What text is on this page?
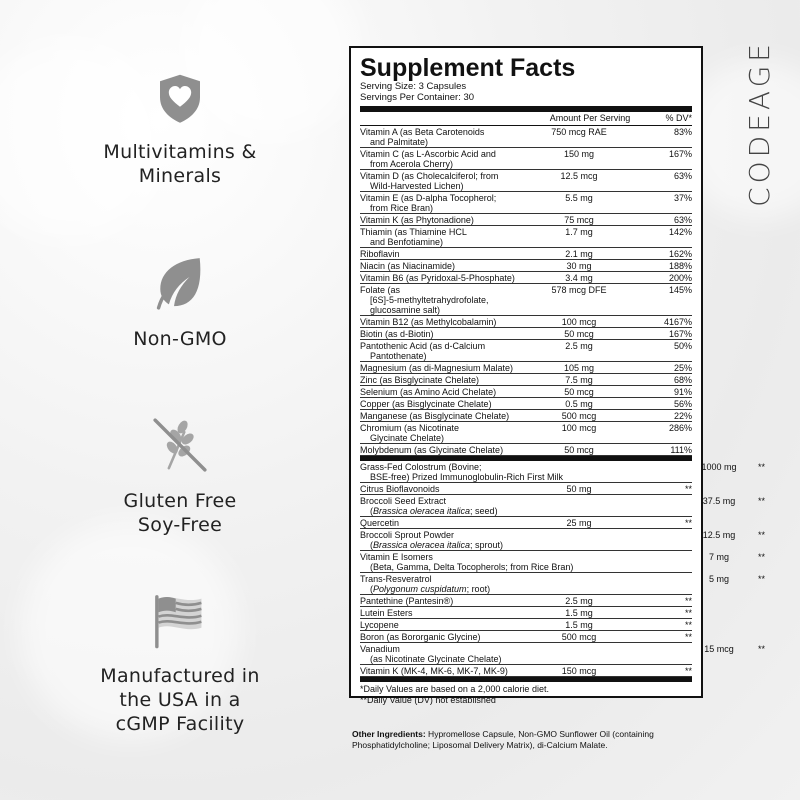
CODEAGE
Multivitamins &
Minerals
Non-GMO
Gluten Free
Soy-Free
Manufactured in
the USA in a
cGMP Facility
Supplement Facts
Serving Size: 3 Capsules
Servings Per Container: 30
Amount Per Serving	% DV*
Vitamin A (as Beta Carotenoids
and Palmitate)
750 mcg RAE	83%
Vitamin C (as L-Ascorbic Acid and
from Acerola Cherry)
150 mg	167%
Vitamin D (as Cholecalciferol; from
Wild-Harvested Lichen)
12.5 mcg	63%
Vitamin E (as D-alpha Tocopherol;
from Rice Bran)
5.5 mg	37%
Vitamin K (as Phytonadione)	75 mcg	63%
Thiamin (as Thiamine HCL
and Benfotiamine)
1.7 mg	142%
Riboflavin	2.1 mg	162%
Niacin (as Niacinamide)	30 mg	188%
Vitamin B6 (as Pyridoxal-5-Phosphate)	3.4 mg	200%
Folate (as
[6S]-5-methyltetrahydrofolate,
glucosamine salt)
578 mcg DFE	145%
Vitamin B12 (as Methylcobalamin)	100 mcg	4167%
Biotin (as d-Biotin)	50 mcg	167%
Pantothenic Acid (as d-Calcium
Pantothenate)
2.5 mg	50%
Magnesium (as di-Magnesium Malate)	105 mg	25%
Zinc (as Bisglycinate Chelate)	7.5 mg	68%
Selenium (as Amino Acid Chelate)	50 mcg	91%
Copper (as Bisglycinate Chelate)	0.5 mg	56%
Manganese (as Bisglycinate Chelate)	500 mcg	22%
Chromium (as Nicotinate
Glycinate Chelate)
100 mcg	286%
Molybdenum (as Glycinate Chelate)	50 mcg	111%
Grass-Fed Colostrum (Bovine;
BSE-free) Prized Immunoglobulin-Rich First Milk
1000 mg	**
Citrus Bioflavonoids	50 mg	**
Broccoli Seed Extract
(Brassica oleracea italica; seed)
37.5 mg	**
Quercetin	25 mg	**
Broccoli Sprout Powder
(Brassica oleracea italica; sprout)
12.5 mg	**
Vitamin E Isomers
(Beta, Gamma, Delta Tocopherols; from Rice Bran)
7 mg	**
Trans-Resveratrol
(Polygonum cuspidatum; root)
5 mg	**
Pantethine (Pantesin®)	2.5 mg	**
Lutein Esters	1.5 mg	**
Lycopene	1.5 mg	**
Boron (as Bororganic Glycine)	500 mcg	**
Vanadium
(as Nicotinate Glycinate Chelate)
15 mcg	**
Vitamin K (MK-4, MK-6, MK-7, MK-9)	150 mcg	**
*Daily Values are based on a 2,000 calorie diet.
**Daily Value (DV) not established
Other Ingredients: Hypromellose Capsule, Non-GMO Sunflower Oil (containing Phosphatidylcholine; Liposomal Delivery Matrix), di-Calcium Malate.
